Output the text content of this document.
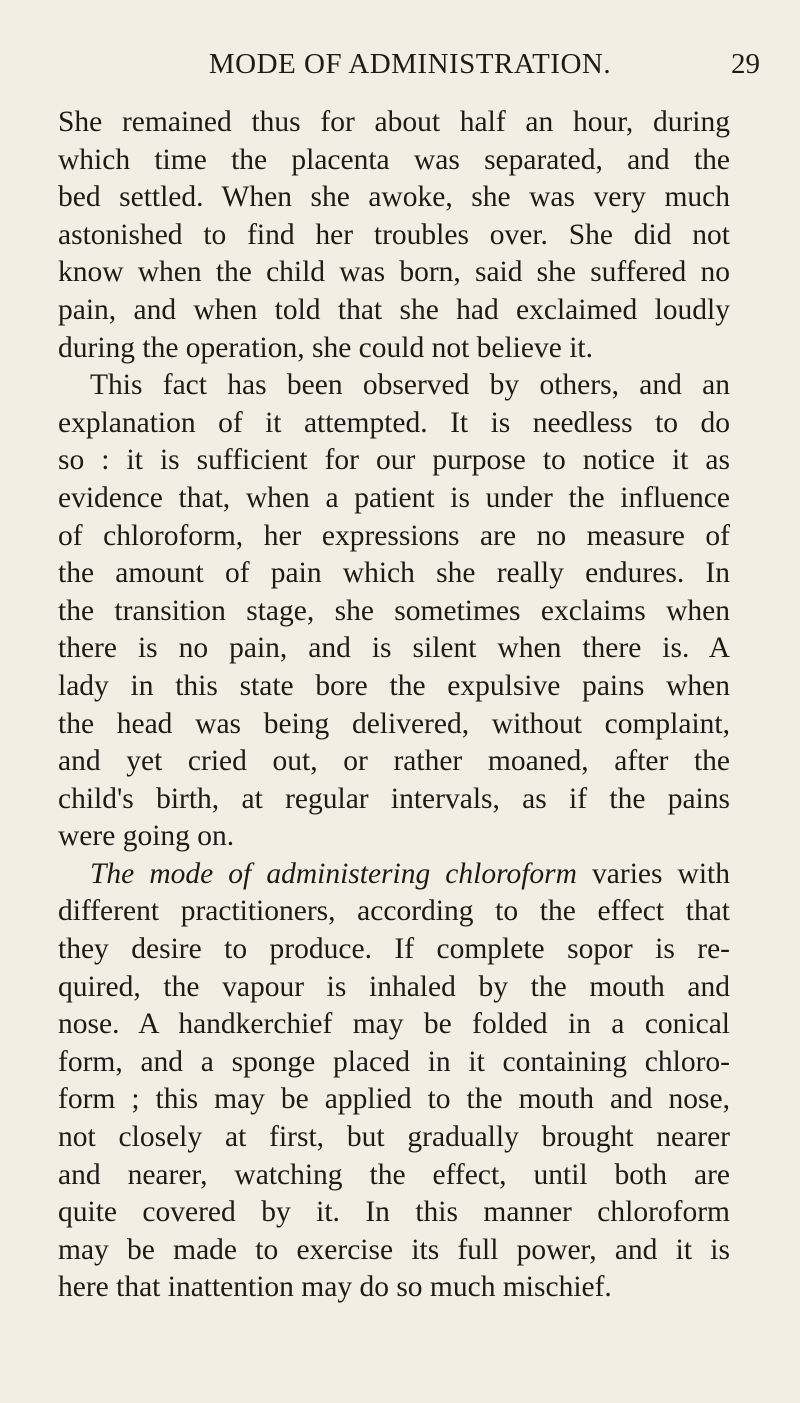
MODE OF ADMINISTRATION.	29
She remained thus for about half an hour, during
which time the placenta was separated, and the
bed settled. When she awoke, she was very much
astonished to find her troubles over. She did not
know when the child was born, said she suffered no
pain, and when told that she had exclaimed loudly
during the operation, she could not believe it.
This fact has been observed by others, and an
explanation of it attempted. It is needless to do
so : it is sufficient for our purpose to notice it as
evidence that, when a patient is under the influence
of chloroform, her expressions are no measure of
the amount of pain which she really endures. In
the transition stage, she sometimes exclaims when
there is no pain, and is silent when there is. A
lady in this state bore the expulsive pains when
the head was being delivered, without complaint,
and yet cried out, or rather moaned, after the
child's birth, at regular intervals, as if the pains
were going on.
The mode of administering chloroform varies with
different practitioners, according to the effect that
they desire to produce. If complete sopor is re-
quired, the vapour is inhaled by the mouth and
nose. A handkerchief may be folded in a conical
form, and a sponge placed in it containing chloro-
form ; this may be applied to the mouth and nose,
not closely at first, but gradually brought nearer
and nearer, watching the effect, until both are
quite covered by it. In this manner chloroform
may be made to exercise its full power, and it is
here that inattention may do so much mischief.
